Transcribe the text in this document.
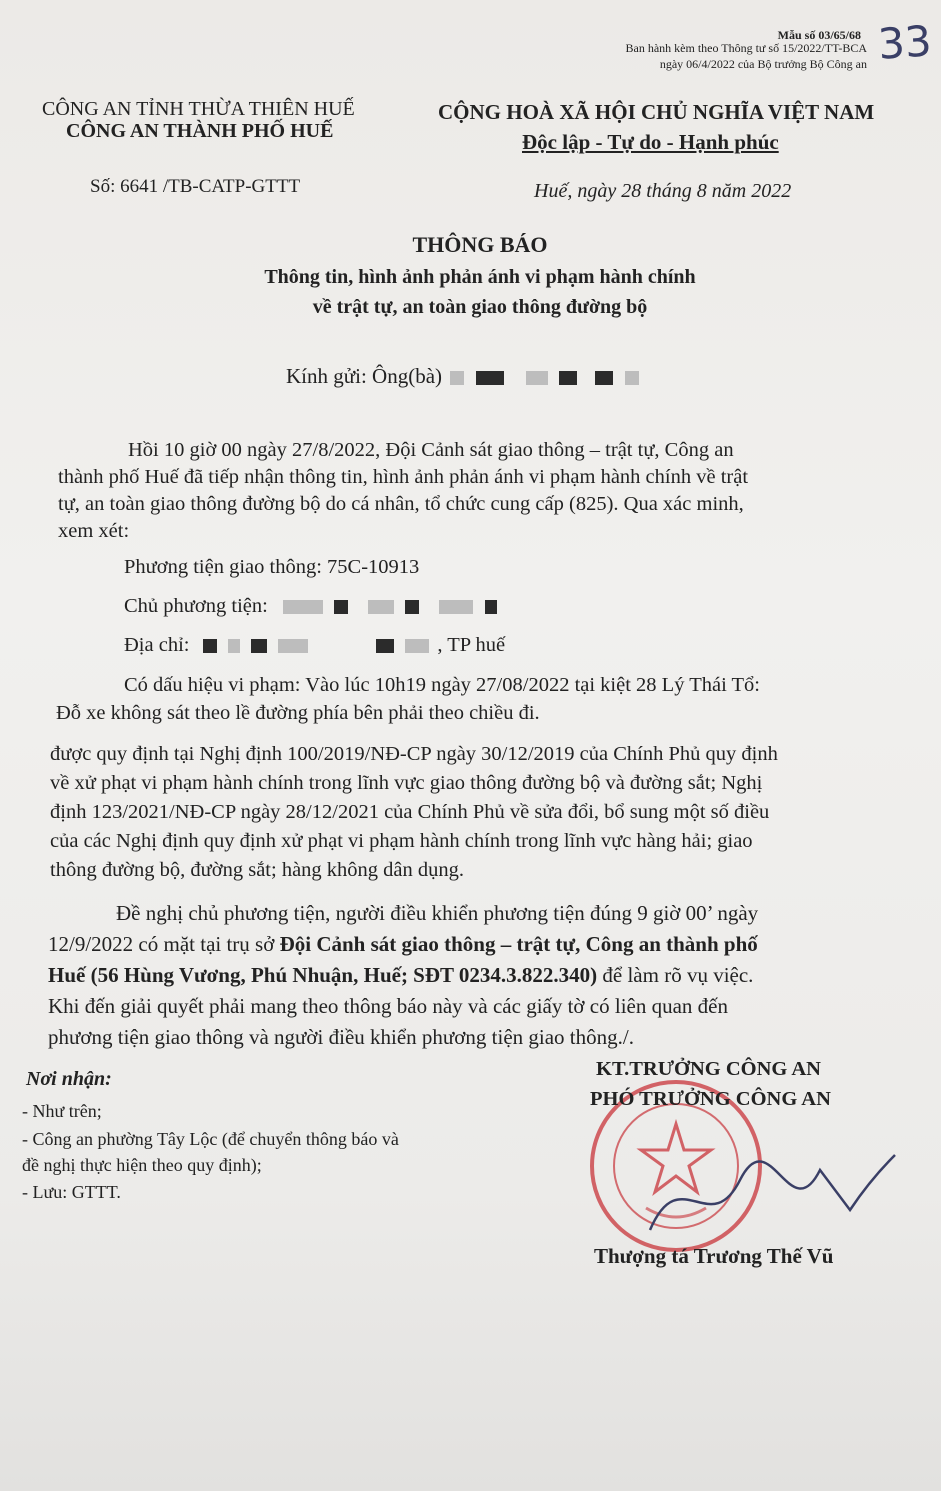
Mẫu số 03/65/68
Ban hành kèm theo Thông tư số 15/2022/TT-BCA
ngày 06/4/2022 của Bộ trưởng Bộ Công an 33
CÔNG AN TỈNH THỪA THIÊN HUẾ
CÔNG AN THÀNH PHỐ HUẾ
CỘNG HOÀ XÃ HỘI CHỦ NGHĨA VIỆT NAM
Độc lập - Tự do - Hạnh phúc
Số: 6641 /TB-CATP-GTTT	Huế, ngày 28 tháng 8 năm 2022
THÔNG BÁO
Thông tin, hình ảnh phản ánh vi phạm hành chính
về trật tự, an toàn giao thông đường bộ
Kính gửi: Ông(bà)
Hồi 10 giờ 00 ngày 27/8/2022, Đội Cảnh sát giao thông – trật tự, Công an
thành phố Huế đã tiếp nhận thông tin, hình ảnh phản ánh vi phạm hành chính về trật
tự, an toàn giao thông đường bộ do cá nhân, tổ chức cung cấp (825). Qua xác minh,
xem xét:
Phương tiện giao thông: 75C-10913
Chủ phương tiện:
Địa chỉ:	, TP huế
Có dấu hiệu vi phạm: Vào lúc 10h19 ngày 27/08/2022 tại kiệt 28 Lý Thái Tổ:
Đỗ xe không sát theo lề đường phía bên phải theo chiều đi.
được quy định tại Nghị định 100/2019/NĐ-CP ngày 30/12/2019 của Chính Phủ quy định
về xử phạt vi phạm hành chính trong lĩnh vực giao thông đường bộ và đường sắt; Nghị
định 123/2021/NĐ-CP ngày 28/12/2021 của Chính Phủ về sửa đổi, bổ sung một số điều
của các Nghị định quy định xử phạt vi phạm hành chính trong lĩnh vực hàng hải; giao
thông đường bộ, đường sắt; hàng không dân dụng.
Đề nghị chủ phương tiện, người điều khiển phương tiện đúng 9 giờ 00’ ngày
12/9/2022 có mặt tại trụ sở Đội Cảnh sát giao thông – trật tự, Công an thành phố
Huế (56 Hùng Vương, Phú Nhuận, Huế; SĐT 0234.3.822.340) để làm rõ vụ việc.
Khi đến giải quyết phải mang theo thông báo này và các giấy tờ có liên quan đến
phương tiện giao thông và người điều khiển phương tiện giao thông./.
Nơi nhận:
- Như trên;
- Công an phường Tây Lộc (để chuyển thông báo và
đề nghị thực hiện theo quy định);
- Lưu: GTTT.
KT.TRƯỞNG CÔNG AN
PHÓ TRƯỞNG CÔNG AN
Thượng tá Trương Thế Vũ
